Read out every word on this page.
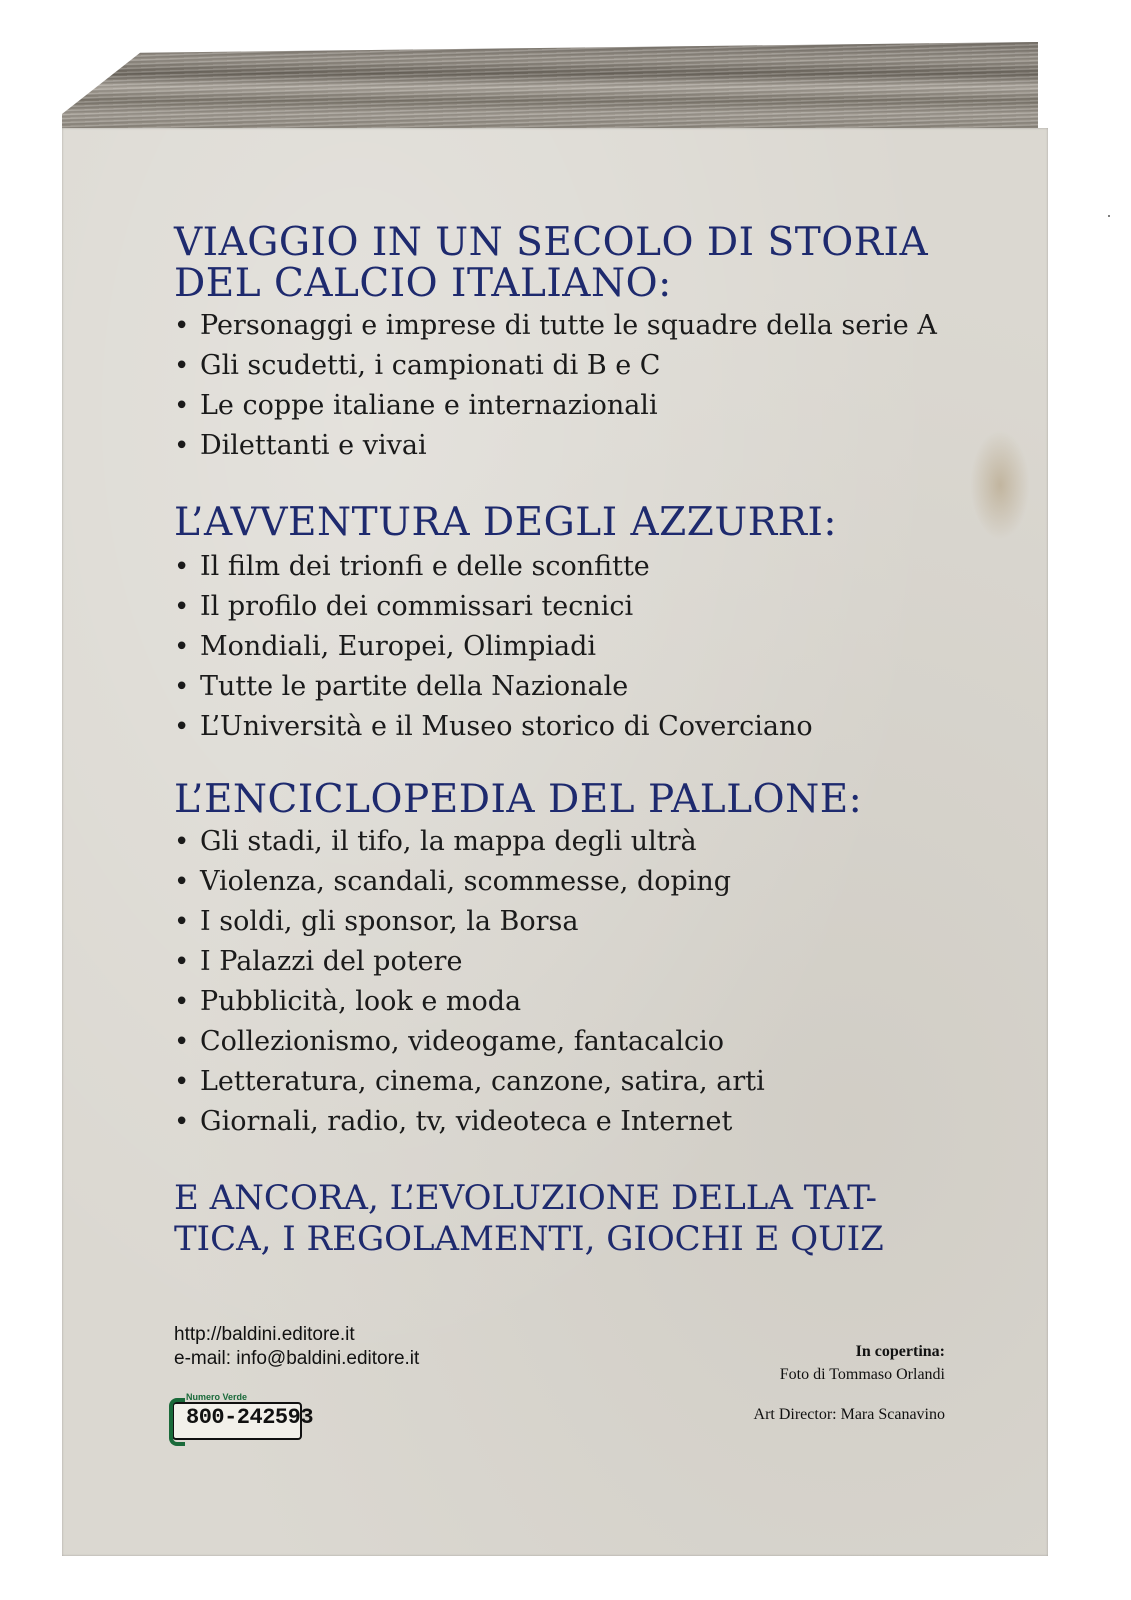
VIAGGIO IN UN SECOLO DI STORIA
DEL CALCIO ITALIANO:
• Personaggi e imprese di tutte le squadre della serie A
• Gli scudetti, i campionati di B e C
• Le coppe italiane e internazionali
• Dilettanti e vivai
L’AVVENTURA DEGLI AZZURRI:
• Il film dei trionfi e delle sconfitte
• Il profilo dei commissari tecnici
• Mondiali, Europei, Olimpiadi
• Tutte le partite della Nazionale
• L’Università e il Museo storico di Coverciano
L’ENCICLOPEDIA DEL PALLONE:
• Gli stadi, il tifo, la mappa degli ultrà
• Violenza, scandali, scommesse, doping
• I soldi, gli sponsor, la Borsa
• I Palazzi del potere
• Pubblicità, look e moda
• Collezionismo, videogame, fantacalcio
• Letteratura, cinema, canzone, satira, arti
• Giornali, radio, tv, videoteca e Internet
E ANCORA, L’EVOLUZIONE DELLA TAT-
TICA, I REGOLAMENTI, GIOCHI E QUIZ
http://baldini.editore.it
e-mail: info@baldini.editore.it
Numero Verde
800-242593
In copertina:
Foto di Tommaso Orlandi
Art Director: Mara Scanavino
